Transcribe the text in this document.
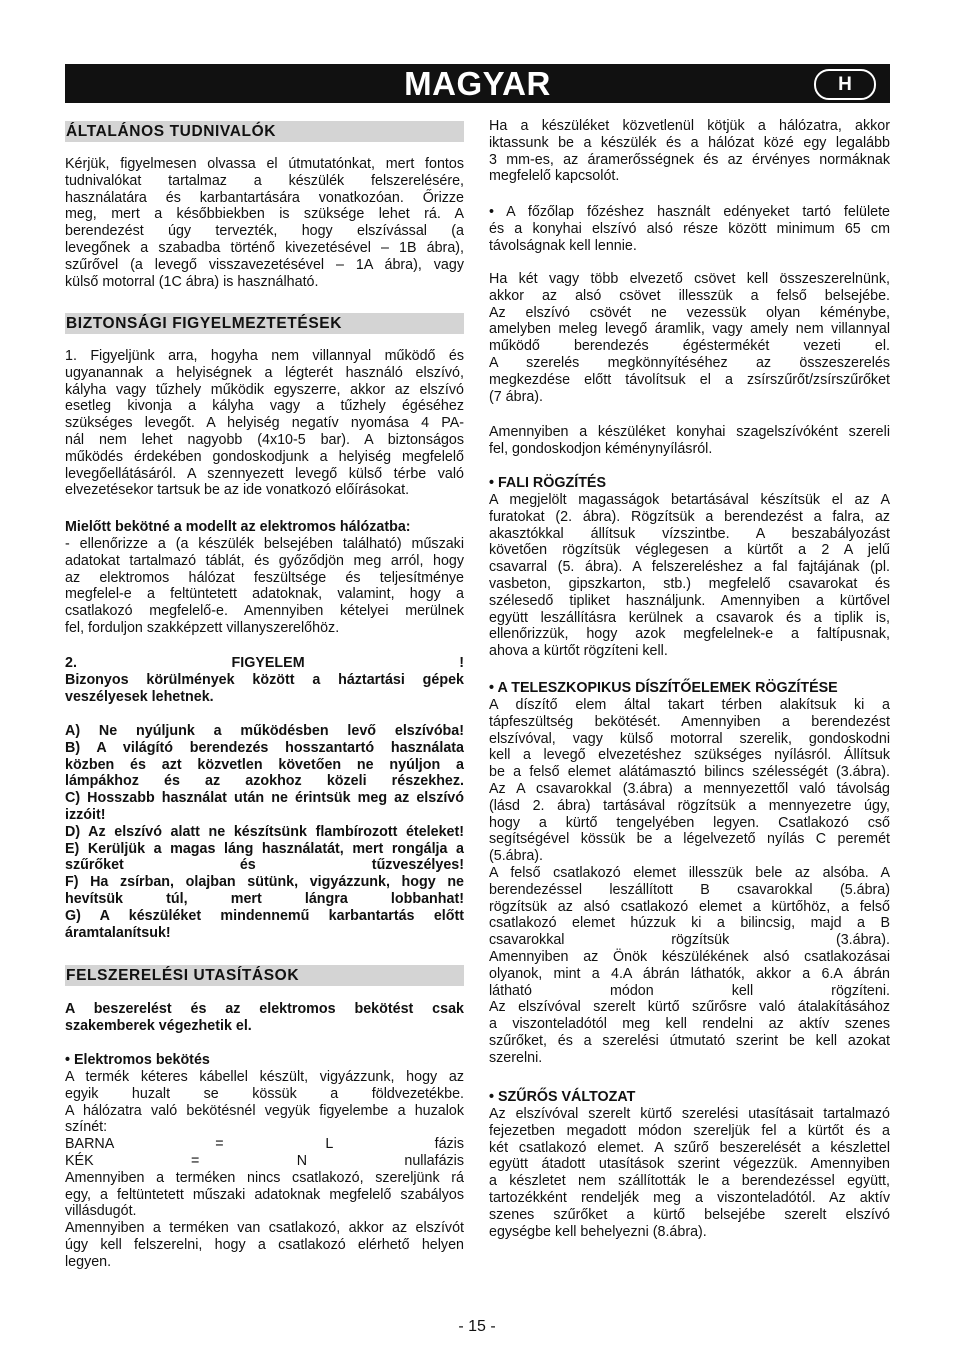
MAGYAR	H
ÁLTALÁNOS TUDNIVALÓK
Kérjük, figyelmesen olvassa el útmutatónkat, mert fontos
tudnivalókat tartalmaz a készülék felszerelésére,
használatára és karbantartására vonatkozóan. Őrizze
meg, mert a későbbiekben is szüksége lehet rá. A
berendezést úgy tervezték, hogy elszívással (a
levegőnek a szabadba történő kivezetésével – 1B ábra),
szűrővel (a levegő visszavezetésével – 1A ábra), vagy
külső motorral (1C ábra) is használható.
BIZTONSÁGI FIGYELMEZTETÉSEK
1. Figyeljünk arra, hogyha nem villannyal működő és
ugyanannak a helyiségnek a légterét használó elszívó,
kályha vagy tűzhely működik egyszerre, akkor az elszívó
esetleg kivonja a kályha vagy a tűzhely égéséhez
szükséges levegőt. A helyiség negatív nyomása 4 PA-
nál nem lehet nagyobb (4x10-5 bar). A biztonságos
működés érdekében gondoskodjunk a helyiség megfelelő
levegőellátásáról. A szennyezett levegő külső térbe való
elvezetésekor tartsuk be az ide vonatkozó előírásokat.
Mielőtt bekötné a modellt az elektromos hálózatba:
- ellenőrizze a (a készülék belsejében található) műszaki
adatokat tartalmazó táblát, és győződjön meg arról, hogy
az elektromos hálózat feszültsége és teljesítménye
megfelel-e a feltüntetett adatoknak, valamint, hogy a
csatlakozó megfelelő-e. Amennyiben kételyei merülnek
fel, forduljon szakképzett villanyszerelőhöz.
2. FIGYELEM !
Bizonyos körülmények között a háztartási gépek
veszélyesek lehetnek.
A) Ne nyúljunk a működésben levő elszívóba!
B) A világító berendezés hosszantartó használata
közben és azt közvetlen követően ne nyúljon a
lámpákhoz és az azokhoz közeli részekhez.
C) Hosszabb használat után ne érintsük meg az elszívó
izzóit!
D) Az elszívó alatt ne készítsünk flambírozott ételeket!
E) Kerüljük a magas láng használatát, mert rongálja a
szűrőket és tűzveszélyes!
F) Ha zsírban, olajban sütünk, vigyázzunk, hogy ne
hevítsük túl, mert lángra lobbanhat!
G) A készüléket mindennemű karbantartás előtt
áramtalanítsuk!
FELSZERELÉSI UTASÍTÁSOK
A beszerelést és az elektromos bekötést csak
szakemberek végezhetik el.
• Elektromos bekötés
A termék kéteres kábellel készült, vigyázzunk, hogy az
egyik huzalt se kössük a földvezetékbe.
A hálózatra való bekötésnél vegyük figyelembe a huzalok
színét:
BARNA = L fázis
KÉK = N nullafázis
Amennyiben a terméken nincs csatlakozó, szereljünk rá
egy, a feltüntetett műszaki adatoknak megfelelő szabályos
villásdugót.
Amennyiben a terméken van csatlakozó, akkor az elszívót
úgy kell felszerelni, hogy a csatlakozó elérhető helyen
legyen.
Ha a készüléket közvetlenül kötjük a hálózatra, akkor
iktassunk be a készülék és a hálózat közé egy legalább
3 mm-es, az áramerősségnek és az érvényes normáknak
megfelelő kapcsolót.
• A főzőlap főzéshez használt edényeket tartó felülete
és a konyhai elszívó alsó része között minimum 65 cm
távolságnak kell lennie.
Ha két vagy több elvezető csövet kell összeszerelnünk,
akkor az alsó csövet illesszük a felső belsejébe.
Az elszívó csövét ne vezessük olyan kéménybe,
amelyben meleg levegő áramlik, vagy amely nem villannyal
működő berendezés égéstermékét vezeti el.
A szerelés megkönnyítéséhez az összeszerelés
megkezdése előtt távolítsuk el a zsírszűrőt/zsírszűrőket
(7 ábra).
Amennyiben a készüléket konyhai szagelszívóként szereli
fel, gondoskodjon kéménynyílásról.
• FALI RÖGZÍTÉS
A megjelölt magasságok betartásával készítsük el az A
furatokat (2. ábra). Rögzítsük a berendezést a falra, az
akasztókkal állítsuk vízszintbe. A beszabályozást
követően rögzítsük véglegesen a kürtőt a 2 A jelű
csavarral (5. ábra). A felszereléshez a fal fajtájának (pl.
vasbeton, gipszkarton, stb.) megfelelő csavarokat és
szélesedő tipliket használjunk. Amennyiben a kürtővel
együtt leszállításra kerülnek a csavarok és a tiplik is,
ellenőrizzük, hogy azok megfelelnek-e a faltípusnak,
ahova a kürtőt rögzíteni kell.
• A TELESZKOPIKUS DÍSZÍTŐELEMEK RÖGZÍTÉSE
A díszítő elem által takart térben alakítsuk ki a
tápfeszültség bekötését. Amennyiben a berendezést
elszívóval, vagy külső motorral szerelik, gondoskodni
kell a levegő elvezetéshez szükséges nyílásról. Állítsuk
be a felső elemet alátámasztó bilincs szélességét (3.ábra).
Az A csavarokkal (3.ábra) a mennyezettől való távolság
(lásd 2. ábra) tartásával rögzítsük a mennyezetre úgy,
hogy a kürtő tengelyében legyen. Csatlakozó cső
segítségével kössük be a légelvezető nyílás C peremét
(5.ábra).
A felső csatlakozó elemet illesszük bele az alsóba. A
berendezéssel leszállított B csavarokkal (5.ábra)
rögzítsük az alsó csatlakozó elemet a kürtőhöz, a felső
csatlakozó elemet húzzuk ki a bilincsig, majd a B
csavarokkal rögzítsük (3.ábra).
Amennyiben az Önök készülékének alsó csatlakozásai
olyanok, mint a 4.A ábrán láthatók, akkor a 6.A ábrán
látható módon kell rögzíteni.
Az elszívóval szerelt kürtő szűrősre való átalakításához
a viszonteladótól meg kell rendelni az aktív szenes
szűrőket, és a szerelési útmutató szerint be kell azokat
szerelni.
• SZŰRŐS VÁLTOZAT
Az elszívóval szerelt kürtő szerelési utasításait tartalmazó
fejezetben megadott módon szereljük fel a kürtőt és a
két csatlakozó elemet. A szűrő beszerelését a készlettel
együtt átadott utasítások szerint végezzük. Amennyiben
a készletet nem szállították le a berendezéssel együtt,
tartozékként rendeljék meg a viszonteladótól. Az aktív
szenes szűrőket a kürtő belsejébe szerelt elszívó
egységbe kell behelyezni (8.ábra).
- 15 -
